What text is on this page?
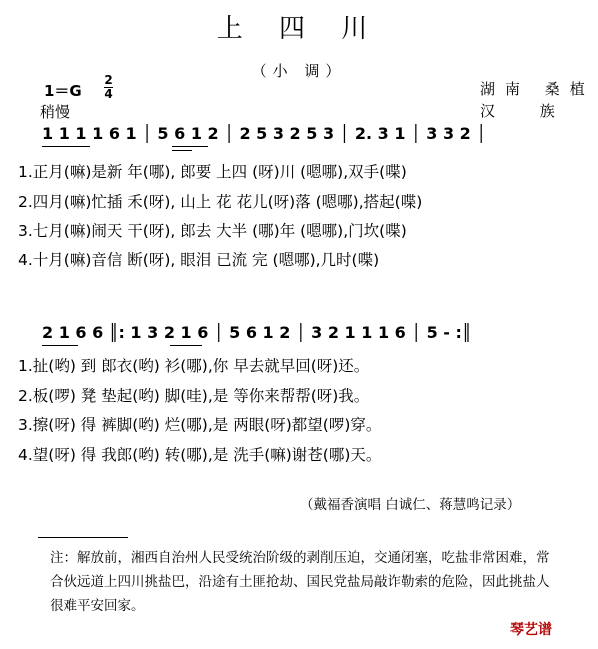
上 四 川
（小 调）
1＝G
2
4
稍慢
湖南 桑植
汉 族
1 1 1 1 6 1 │ 5 6 1 2 │ 2 5 3 2 5 3 │ 2. 3 1 │ 3 3 2 │
1.正月(嘛)是新 年(哪), 郎要 上四 (呀)川 (嗯哪),双手(喋)
2.四月(嘛)忙插 禾(呀), 山上 花 花儿(呀)落 (嗯哪),搭起(喋)
3.七月(嘛)闹天 干(呀), 郎去 大半 (哪)年 (嗯哪),门坎(喋)
4.十月(嘛)音信 断(呀), 眼泪 已流 完 (嗯哪),几时(喋)
2 1 6 6 ║: 1 3 2 1 6 │ 5 6 1 2 │ 3 2 1 1 1 6 │ 5 - :║
1.扯(哟) 到 郎衣(哟) 衫(哪),你 早去就早回(呀)还。
2.板(啰) 凳 垫起(哟) 脚(哇),是 等你来帮帮(呀)我。
3.擦(呀) 得 裤脚(哟) 烂(哪),是 两眼(呀)都望(啰)穿。
4.望(呀) 得 我郎(哟) 转(哪),是 洗手(嘛)谢苍(哪)天。
（戴福香演唱 白诚仁、蒋慧鸣记录）
注：解放前，湘西自治州人民受统治阶级的剥削压迫，交通闭塞，吃盐非常困难，常合伙远道上四川挑盐巴，沿途有土匪抢劫、国民党盐局敲诈勒索的危险，因此挑盐人很难平安回家。
琴艺谱
